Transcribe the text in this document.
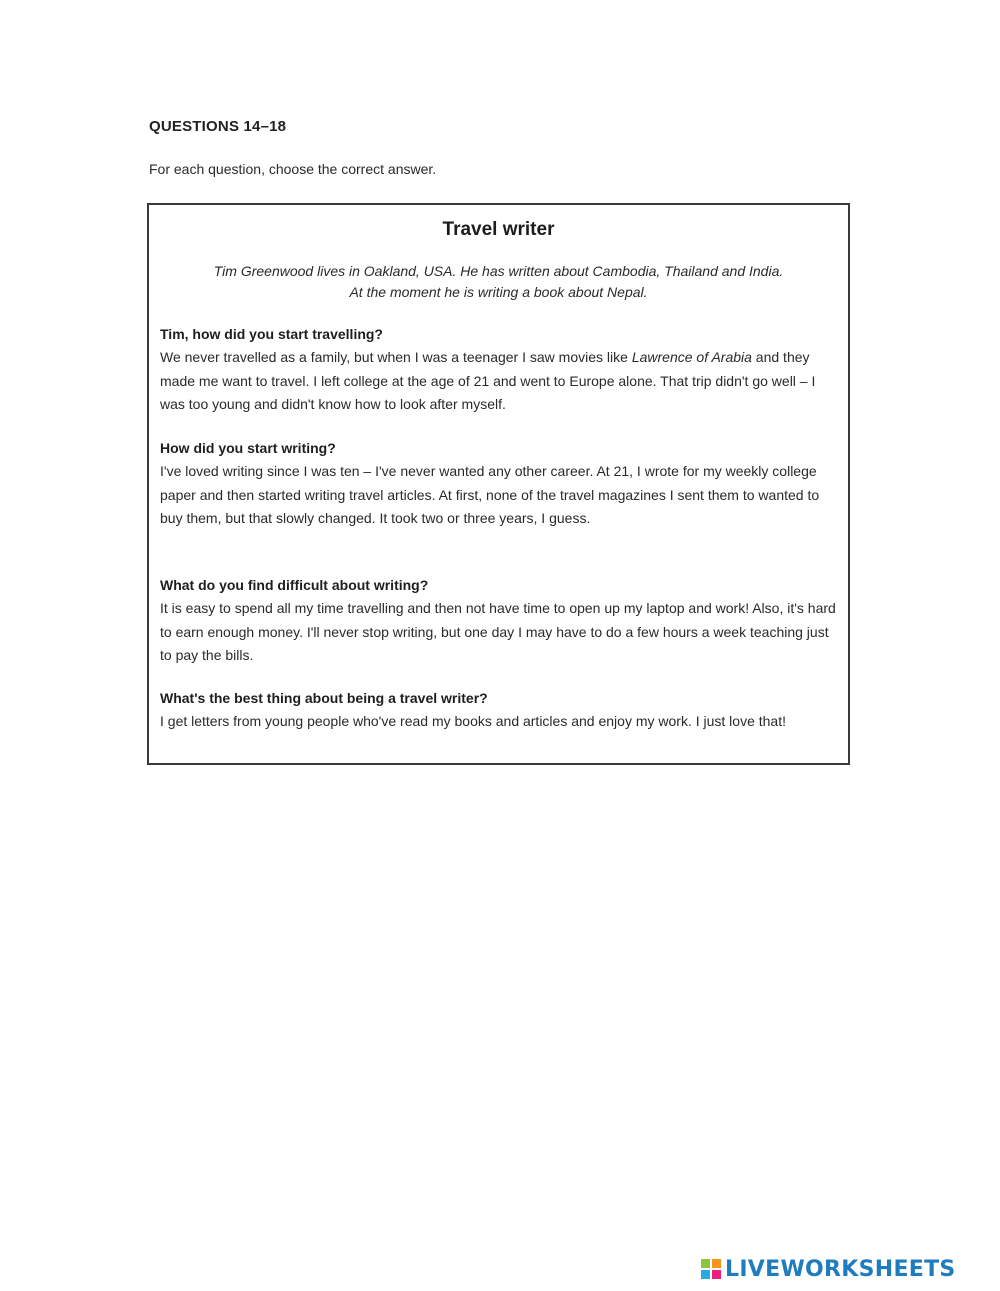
QUESTIONS 14–18
For each question, choose the correct answer.
Travel writer
Tim Greenwood lives in Oakland, USA. He has written about Cambodia, Thailand and India.
At the moment he is writing a book about Nepal.
Tim, how did you start travelling?
We never travelled as a family, but when I was a teenager I saw movies like Lawrence of Arabia and they made me want to travel. I left college at the age of 21 and went to Europe alone. That trip didn't go well – I was too young and didn't know how to look after myself.
How did you start writing?
I've loved writing since I was ten – I've never wanted any other career. At 21, I wrote for my weekly college paper and then started writing travel articles. At first, none of the travel magazines I sent them to wanted to buy them, but that slowly changed. It took two or three years, I guess.
What do you find difficult about writing?
It is easy to spend all my time travelling and then not have time to open up my laptop and work! Also, it's hard to earn enough money. I'll never stop writing, but one day I may have to do a few hours a week teaching just to pay the bills.
What's the best thing about being a travel writer?
I get letters from young people who've read my books and articles and enjoy my work. I just love that!
LIVEWORKSHEETS
